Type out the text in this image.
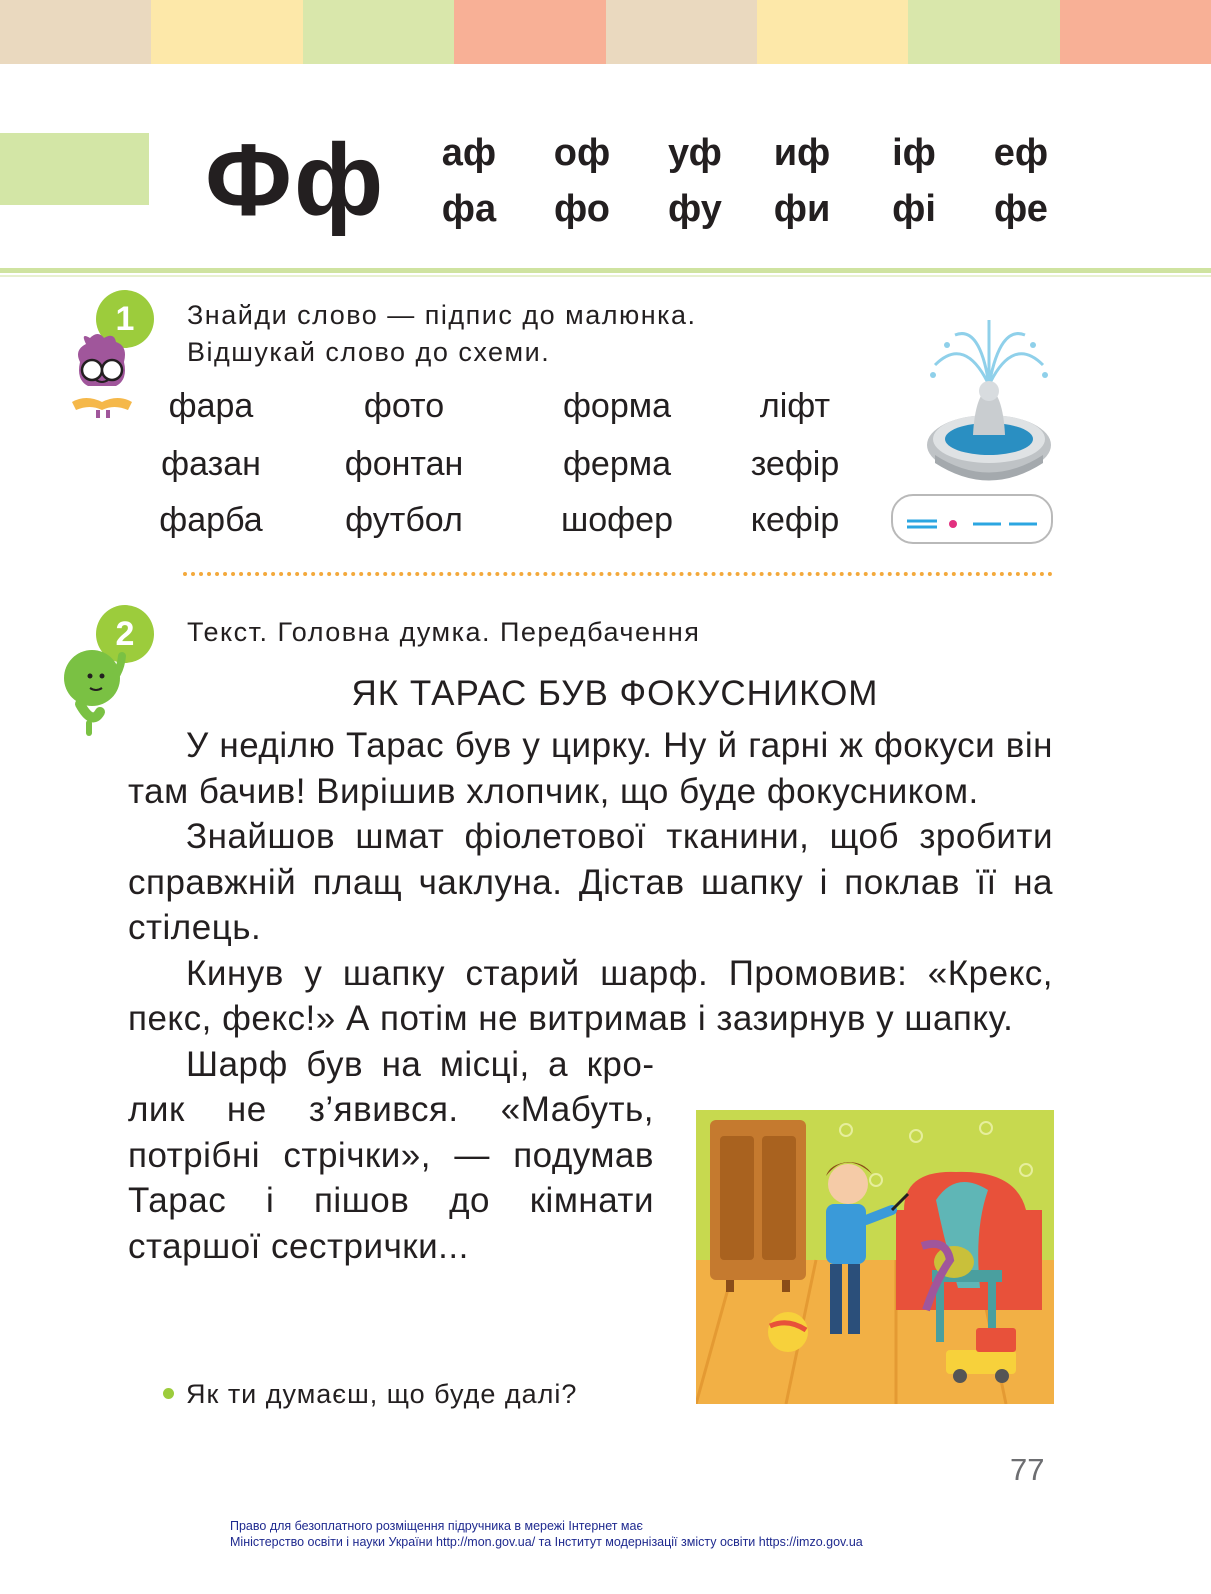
Фф	аф	оф	уф	иф	іф	еф
фа	фо	фу	фи	фі	фе
1	Знайди слово — підпис до малюнка.
Відшукай слово до схеми.
фара	фото	форма	ліфт
фазан	фонтан	ферма	зефір
фарба	футбол	шофер	кефір
2	Текст. Головна думка. Передбачення
ЯК ТАРАС БУВ ФОКУСНИКОМ

У неділю Тарас був у цирку. Ну й гарні ж фокуси він там бачив! Вирішив хлопчик, що буде фокусником.

Знайшов шмат фіолетової тканини, щоб зробити справжній плащ чаклуна. Дістав шапку і поклав її на стілець.

Кинув у шапку старий шарф. Промовив: «Крекс, пекс, фекс!» А потім не витримав і зазирнув у шапку.

Шарф був на місці, а кролик не з’явився. «Мабуть, потрібні стрічки», — подумав Тарас і пішов до кімнати старшої сестрички...

Як ти думаєш, що буде далі?
77
Право для безоплатного розміщення підручника в мережі Інтернет має
Міністерство освіти і науки України http://mon.gov.ua/ та Інститут модернізації змісту освіти https://imzo.gov.ua
